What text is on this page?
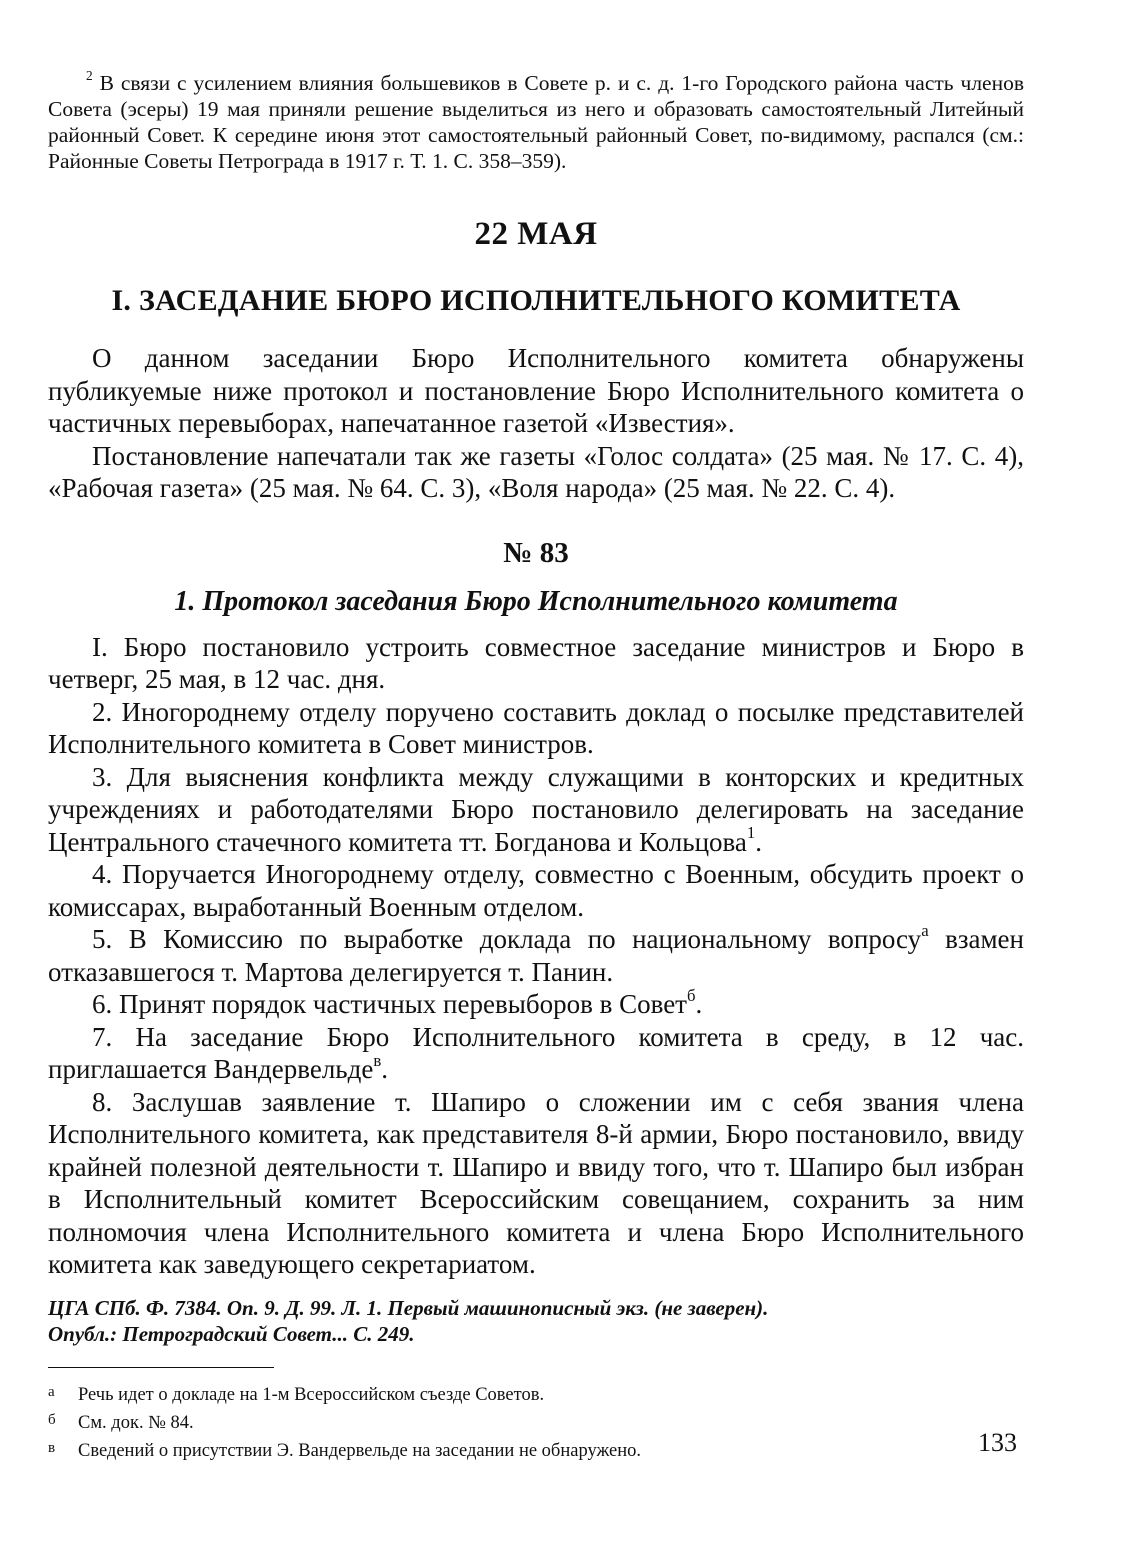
$^2$ В связи с усилением влияния большевиков в Совете р. и с. д. 1-го Городского района часть членов Совета (эсеры) 19 мая приняли решение выделиться из него и образовать самостоятельный Литейный районный Совет. К середине июня этот самостоятельный районный Совет, по-видимому, распался (см.: Районные Советы Петрограда в 1917 г. Т. 1. С. 358–359).

22 МАЯ
I. ЗАСЕДАНИЕ БЮРО ИСПОЛНИТЕЛЬНОГО КОМИТЕТА

О данном заседании Бюро Исполнительного комитета обнаружены публикуемые ниже протокол и постановление Бюро Исполнительного комитета о частичных перевыборах, напечатанное газетой «Известия».

Постановление напечатали так же газеты «Голос солдата» (25 мая. № 17. С. 4), «Рабочая газета» (25 мая. № 64. С. 3), «Воля народа» (25 мая. № 22. С. 4).

№ 83
1. Протокол заседания Бюро Исполнительного комитета

I. Бюро постановило устроить совместное заседание министров и Бюро в четверг, 25 мая, в 12 час. дня.

2. Иногороднему отделу поручено составить доклад о посылке представителей Исполнительного комитета в Совет министров.

3. Для выяснения конфликта между служащими в конторских и кредитных учреждениях и работодателями Бюро постановило делегировать на заседание Центрального стачечного комитета тт. Богданова и Кольцова$^1$.

4. Поручается Иногороднему отделу, совместно с Военным, обсудить проект о комиссарах, выработанный Военным отделом.

5. В Комиссию по выработке доклада по национальному вопросу$^а$ взамен отказавшегося т. Мартова делегируется т. Панин.

6. Принят порядок частичных перевыборов в Совет$^б$.

7. На заседание Бюро Исполнительного комитета в среду, в 12 час. приглашается Вандервельде$^в$.

8. Заслушав заявление т. Шапиро о сложении им с себя звания члена Исполнительного комитета, как представителя 8-й армии, Бюро постановило, ввиду крайней полезной деятельности т. Шапиро и ввиду того, что т. Шапиро был избран в Исполнительный комитет Всероссийским совещанием, сохранить за ним полномочия члена Исполнительного комитета и члена Бюро Исполнительного комитета как заведующего секретариатом.

ЦГА СПб. Ф. 7384. Оп. 9. Д. 99. Л. 1. Первый машинописный экз. (не заверен).
Опубл.: Петроградский Совет... С. 249.

а Речь идет о докладе на 1-м Всероссийском съезде Советов.

б См. док. № 84.

в Сведений о присутствии Э. Вандервельде на заседании не обнаружено.	133
